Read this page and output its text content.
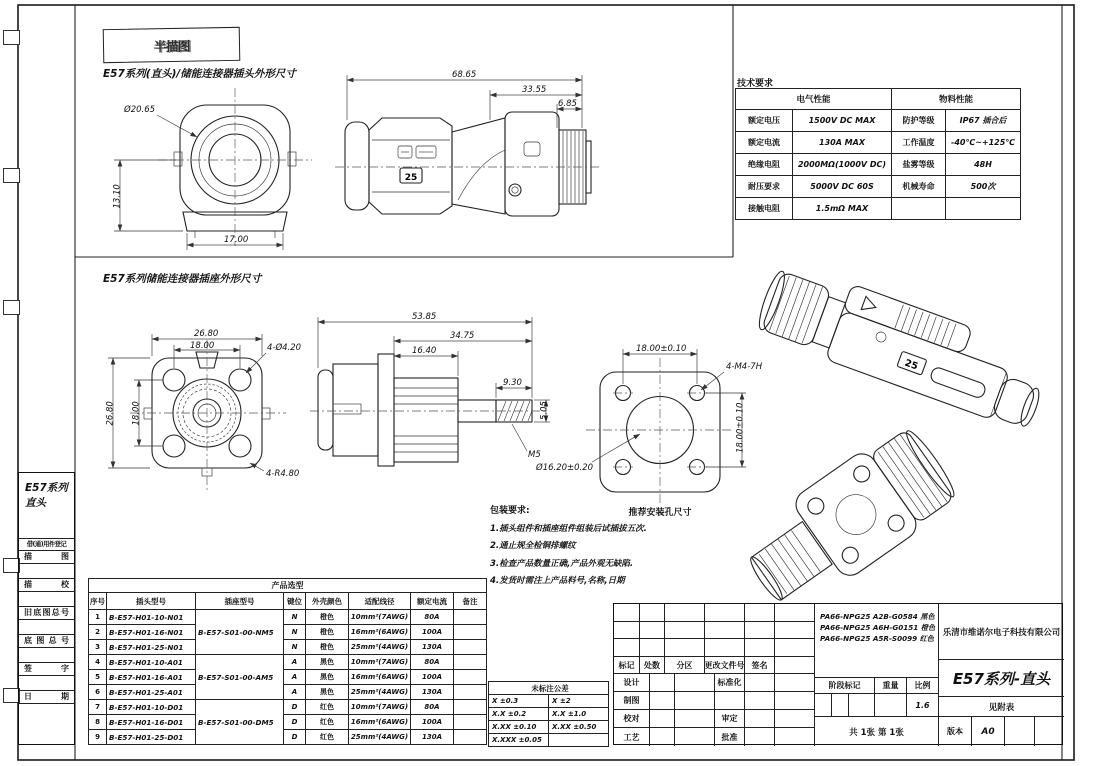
Ø20.65
13.10
17.00
25
68.65
33.55
6.85
26.80
18.00	4-Ø4.20
26.80 18.00
4-R4.80
53.85
34.75
16.40
9.30
5.05
M5
Ø16.20±0.20
18.00±0.10
4-M4-7H
18.00±0.10
推荐安装孔尺寸
25
半描图
E57系列(直头)/储能连接器插头外形尺寸
E57系列储能连接器插座外形尺寸
技术要求
电气性能		物料性能	
额定电压	1500V DC MAX	防护等级	IP67 插合后
额定电流	130A MAX	工作温度	-40℃~+125℃
绝缘电阻	2000MΩ(1000V DC)	盐雾等级	48H
耐压要求	5000V DC 60S	机械寿命	500次
接触电阻	1.5mΩ MAX		
包装要求:
1.插头组件和插座组件组装后试插拔五次.
2.通止规全检铜排螺纹
3.检查产品数量正确,产品外观无缺陷.
4.发货时需注上产品料号,名称,日期
产品选型							
序号	插头型号	插座型号	键位	外壳颜色	适配线径	额定电流	备注
1	B-E57-H01-10-N01	B-E57-S01-00-NM5	N	橙色	10mm²(7AWG)	80A	
2	B-E57-H01-16-N01		N	橙色	16mm²(6AWG)	100A	
3	B-E57-H01-25-N01		N	橙色	25mm²(4AWG)	130A	
4	B-E57-H01-10-A01	B-E57-S01-00-AM5	A	黑色	10mm²(7AWG)	80A	
5	B-E57-H01-16-A01		A	黑色	16mm²(6AWG)	100A	
6	B-E57-H01-25-A01		A	黑色	25mm²(4AWG)	130A	
7	B-E57-H01-10-D01	B-E57-S01-00-DM5	D	红色	10mm²(7AWG)	80A	
8	B-E57-H01-16-D01		D	红色	16mm²(6AWG)	100A	
9	B-E57-H01-25-D01		D	红色	25mm²(4AWG)	130A	
未标注公差	
X ±0.3	X ±2
X.X ±0.2	X.X ±1.0
X.XX ±0.10	X.XX ±0.50
X.XXX ±0.05	
标记	处数	分区	更改文件号 签名
设计	标准化
制图
校对	审定
工艺	批准
PA66-NPG25 A2B-G0584 黑色
PA66-NPG25 A6H-G0151 橙色
PA66-NPG25 A5R-S0099 红色
阶段标记	重量	比例
1.6
共 1张 第 1张
乐清市维诺尔电子科技有限公司
E57系列-直头
见附表
版本	A0
E57系列
直头
借(通)用件登记
描图
描校
旧底图总号
底图总号
签字
日期
